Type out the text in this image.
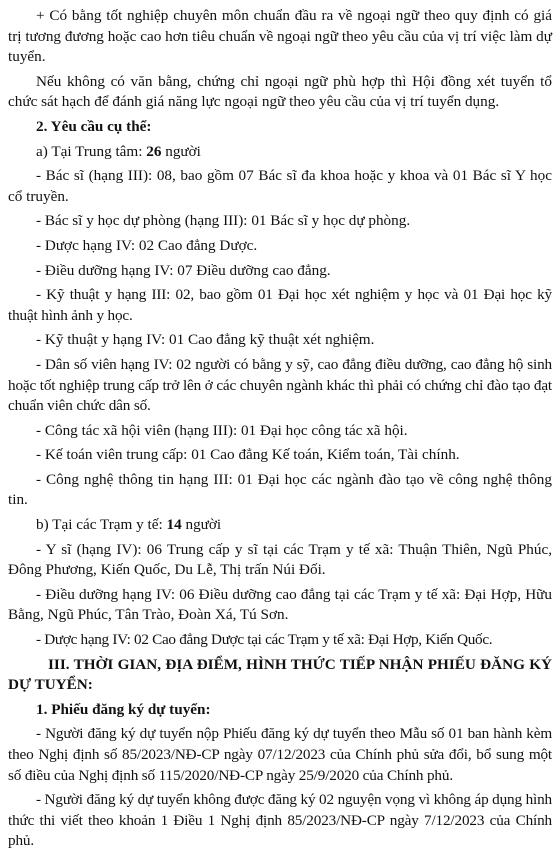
+ Có bằng tốt nghiệp chuyên môn chuẩn đầu ra về ngoại ngữ theo quy định có giá trị tương đương hoặc cao hơn tiêu chuẩn về ngoại ngữ theo yêu cầu của vị trí việc làm dự tuyển.

Nếu không có văn bằng, chứng chỉ ngoại ngữ phù hợp thì Hội đồng xét tuyển tổ chức sát hạch để đánh giá năng lực ngoại ngữ theo yêu cầu của vị trí tuyển dụng.

2. Yêu cầu cụ thể:

a) Tại Trung tâm: 26 người

- Bác sĩ (hạng III): 08, bao gồm 07 Bác sĩ đa khoa hoặc y khoa và 01 Bác sĩ Y học cổ truyền.

- Bác sĩ y học dự phòng (hạng III): 01 Bác sĩ y học dự phòng.

- Dược hạng IV: 02 Cao đẳng Dược.

- Điều dưỡng hạng IV: 07 Điều dưỡng cao đẳng.

- Kỹ thuật y hạng III: 02, bao gồm 01 Đại học xét nghiệm y học và 01 Đại học kỹ thuật hình ảnh y học.

- Kỹ thuật y hạng IV: 01 Cao đẳng kỹ thuật xét nghiệm.

- Dân số viên hạng IV: 02 người có bằng y sỹ, cao đẳng điều dưỡng, cao đẳng hộ sinh hoặc tốt nghiệp trung cấp trở lên ở các chuyên ngành khác thì phải có chứng chỉ đào tạo đạt chuẩn viên chức dân số.

- Công tác xã hội viên (hạng III): 01 Đại học công tác xã hội.

- Kế toán viên trung cấp: 01 Cao đẳng Kế toán, Kiểm toán, Tài chính.

- Công nghệ thông tin hạng III: 01 Đại học các ngành đào tạo về công nghệ thông tin.

b) Tại các Trạm y tế: 14 người

- Y sĩ (hạng IV): 06 Trung cấp y sĩ tại các Trạm y tế xã: Thuận Thiên, Ngũ Phúc, Đông Phương, Kiến Quốc, Du Lễ, Thị trấn Núi Đối.

- Điều dưỡng hạng IV: 06 Điều dưỡng cao đẳng tại các Trạm y tế xã: Đại Hợp, Hữu Bằng, Ngũ Phúc, Tân Trào, Đoàn Xá, Tú Sơn.

- Dược hạng IV: 02 Cao đẳng Dược tại các Trạm y tế xã: Đại Hợp, Kiến Quốc.

III. THỜI GIAN, ĐỊA ĐIỂM, HÌNH THỨC TIẾP NHẬN PHIẾU ĐĂNG KÝ DỰ TUYỂN:

1. Phiếu đăng ký dự tuyển:

- Người đăng ký dự tuyển nộp Phiếu đăng ký dự tuyển theo Mẫu số 01 ban hành kèm theo Nghị định số 85/2023/NĐ-CP ngày 07/12/2023 của Chính phủ sửa đổi, bổ sung một số điều của Nghị định số 115/2020/NĐ-CP ngày 25/9/2020 của Chính phủ.

- Người đăng ký dự tuyển không được đăng ký 02 nguyện vọng vì không áp dụng hình thức thi viết theo khoản 1 Điều 1 Nghị định 85/2023/NĐ-CP ngày 7/12/2023 của Chính phủ.
